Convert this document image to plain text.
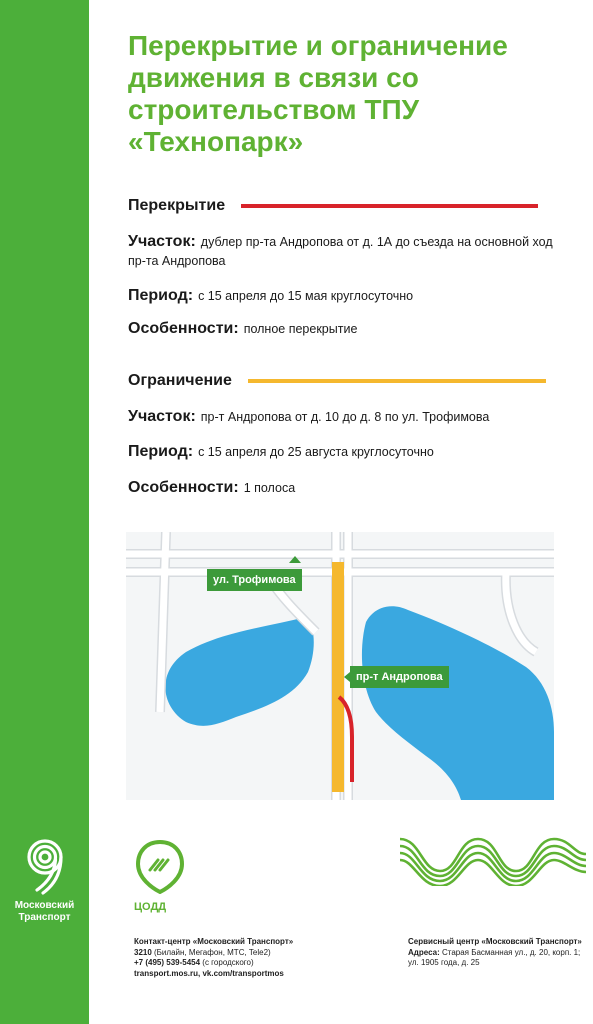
Московский
Транспорт
Перекрытие и ограничение движения в связи со строительством ТПУ «Технопарк»
Перекрытие
Участок: дублер пр-та Андропова от д. 1А до съезда на основной ход пр-та Андропова
Период: с 15 апреля до 15 мая круглосуточно
Особенности: полное перекрытие
Ограничение
Участок: пр-т Андропова от д. 10 до д. 8 по ул. Трофимова
Период: с 15 апреля до 25 августа круглосуточно
Особенности: 1 полоса
ул. Трофимова
пр-т Андропова
ЦОДД
Контакт-центр «Московский Транспорт»
3210 (Билайн, Мегафон, МТС, Tele2)
+7 (495) 539-5454 (с городского)
transport.mos.ru, vk.com/transportmos
Сервисный центр «Московский Транспорт»
Адреса: Старая Басманная ул., д. 20, корп. 1;
ул. 1905 года, д. 25
